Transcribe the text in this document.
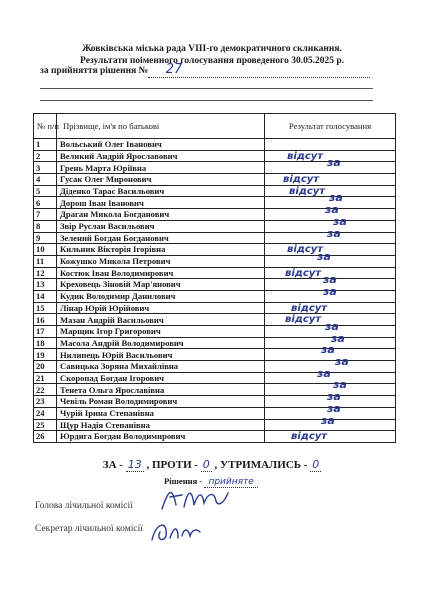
Жовківська міська рада VIII-го демократичного скликання.
Результати поіменного голосування проведеного 30.05.2025 р.
за прийняття рішення №	27
№ п/п	Прізвище, ім'я по батькові	Результат голосування
1	Вольський Олег Іванович	

2	Великий Андрій Ярославович	відсут

3	Грень Марта Юріївна	за

4	Гусак Олег Миронович	відсут

5	Діденко Тарас Васильович	відсут

6	Дорош Іван Іванович	за

7	Драган Микола Богданович	за

8	Звір Руслан Васильович	за

9	Зелений Богдан Богданович	за

10	Кильник Вікторія Ігорівна	відсут

11	Кожушко Микола Петрович	за

12	Костюк Іван Володимирович	відсут

13	Креховець Зіновій Мар'янович	за

14	Кудик Володимир Данилович	за

15	Лінар Юрій Юрійович	відсут

16	Мазан Андрій Васильович	відсут

17	Марщик Ігор Григорович	за

18	Масола Андрій Володимирович	за

19	Нилипець Юрій Васильович	за

20	Савицька Зоряна Михайлівна	за

21	Скоропад Богдан Ігорович	за

22	Тенета Ольга Ярославівна	за

23	Чевіль Роман Володимирович	за

24	Чурій Ірина Степанівна	за

25	Щур Надія Степанівна	за

26	Юрдига Богдан Володимирович	відсут
ЗА - 13 , ПРОТИ - 0 , УТРИМАЛИСЬ - 0
Рішення - прийняте
Голова лічильної комісії
Секретар лічильної комісії
